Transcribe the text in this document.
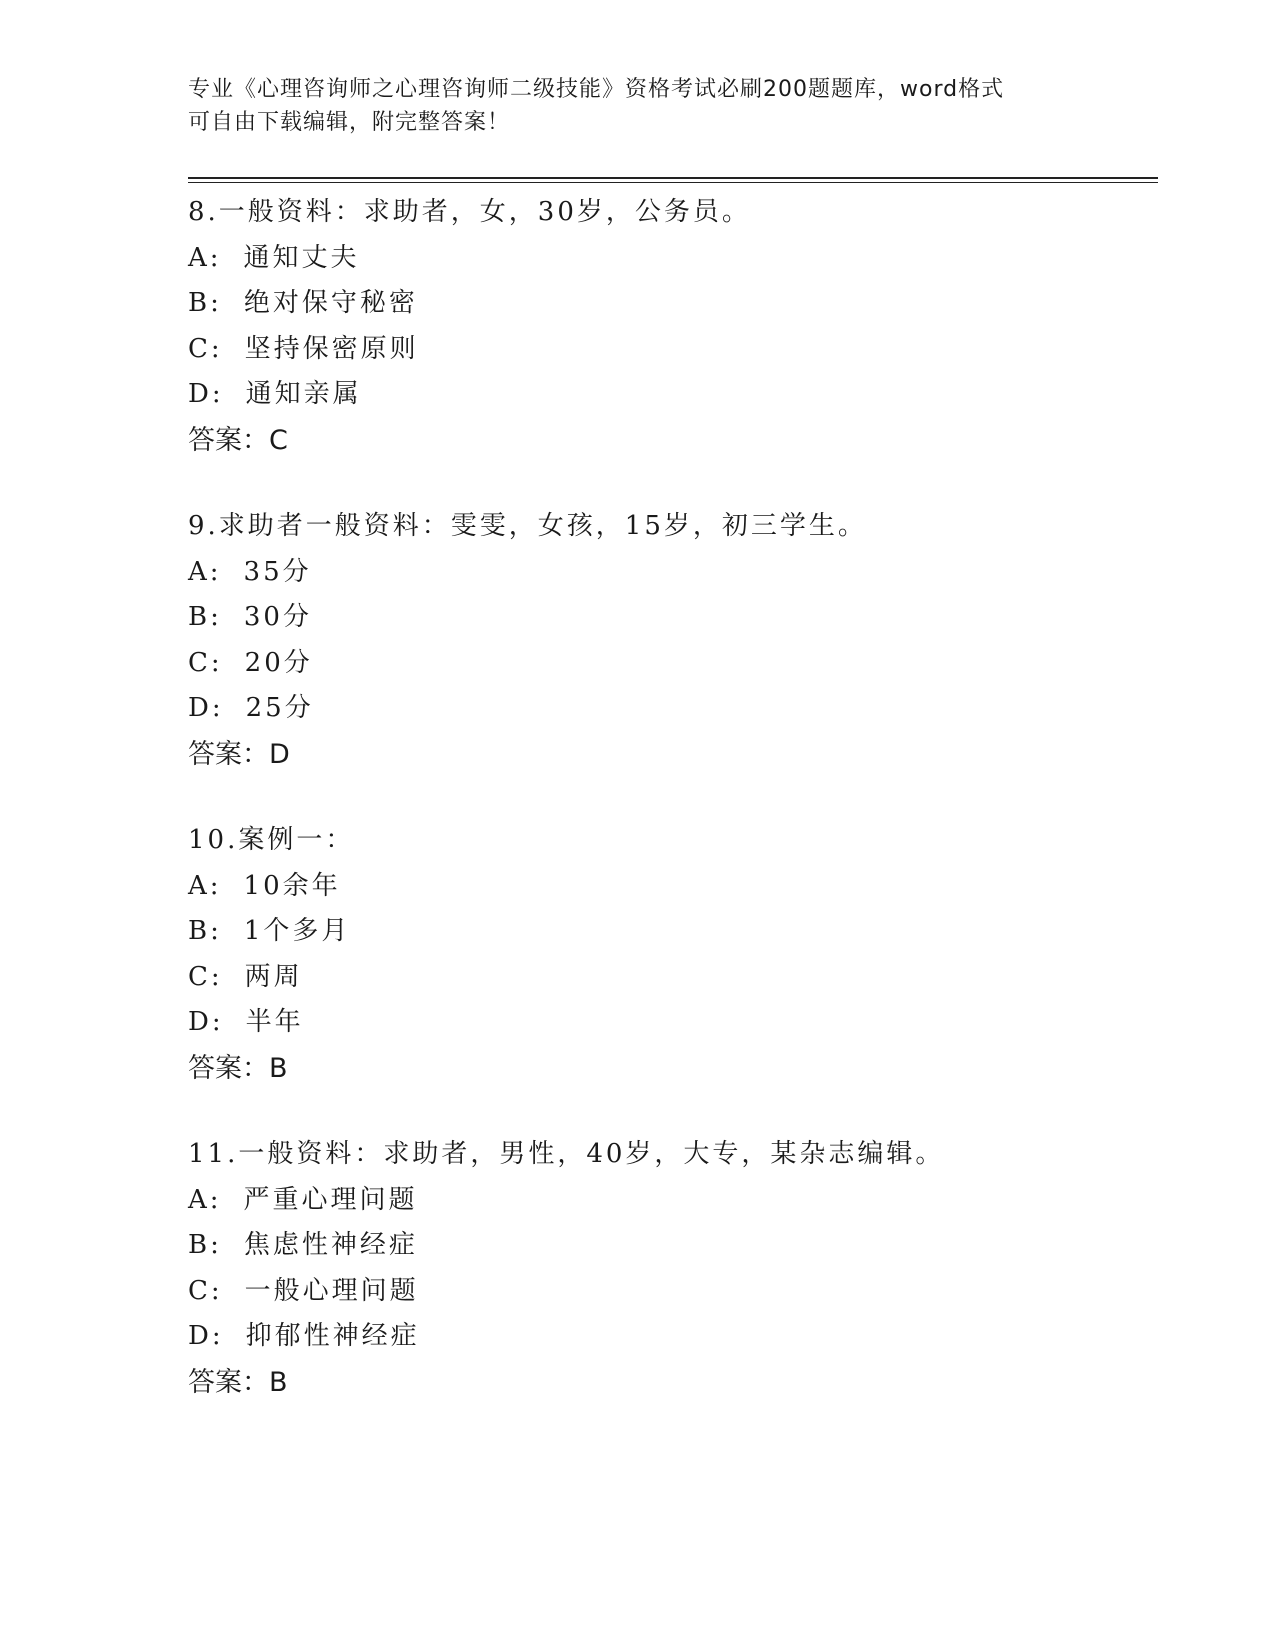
专业《心理咨询师之心理咨询师二级技能》资格考试必刷200题题库，word格式
可自由下载编辑，附完整答案！
8.一般资料：求助者，女，30岁，公务员。
A: 通知丈夫
B: 绝对保守秘密
C: 坚持保密原则
D: 通知亲属
答案：C
9.求助者一般资料：雯雯，女孩，15岁，初三学生。
A: 35分
B: 30分
C: 20分
D: 25分
答案：D
10.案例一：
A: 10余年
B: 1个多月
C: 两周
D: 半年
答案：B
11.一般资料：求助者，男性，40岁，大专，某杂志编辑。
A: 严重心理问题
B: 焦虑性神经症
C: 一般心理问题
D: 抑郁性神经症
答案：B
